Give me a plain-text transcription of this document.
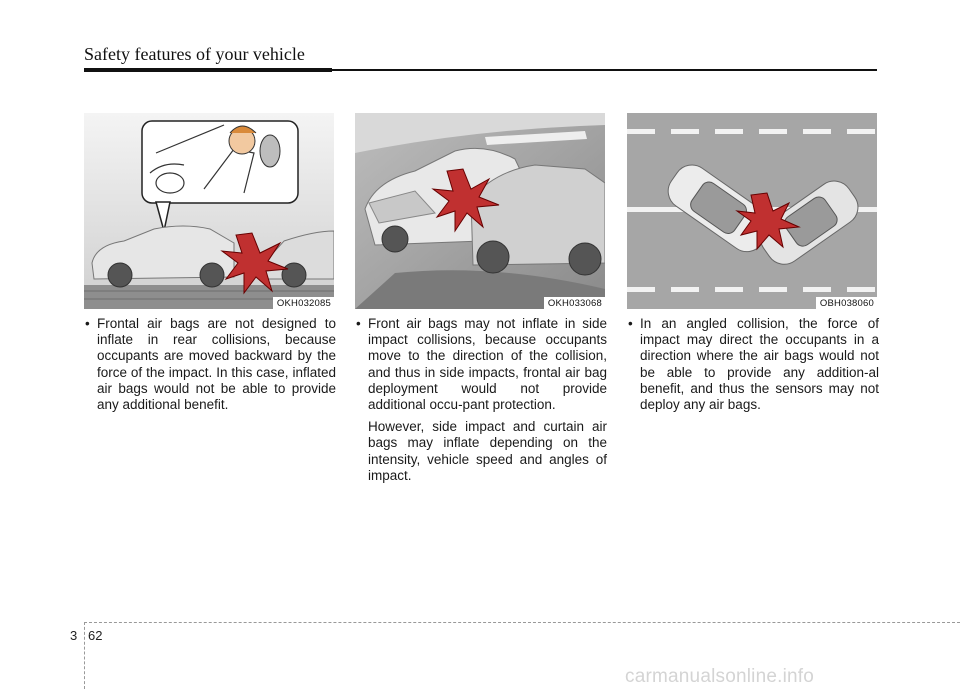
Safety features of your vehicle
OKH032085	OKH033068	OBH038060

• Frontal air bags are not designed to inflate in rear collisions, because occupants are moved backward by the force of the impact. In this case, inflated air bags would not be able to provide any additional benefit.

• Front air bags may not inflate in side impact collisions, because occupants move to the direction of the collision, and thus in side impacts, frontal air bag deployment would not provide additional occu-pant protection.

However, side impact and curtain air bags may inflate depending on the intensity, vehicle speed and angles of impact.

• In an angled collision, the force of impact may direct the occupants in a direction where the air bags would not be able to provide any addition-al benefit, and thus the sensors may not deploy any air bags.

3 62
carmanualsonline.info
